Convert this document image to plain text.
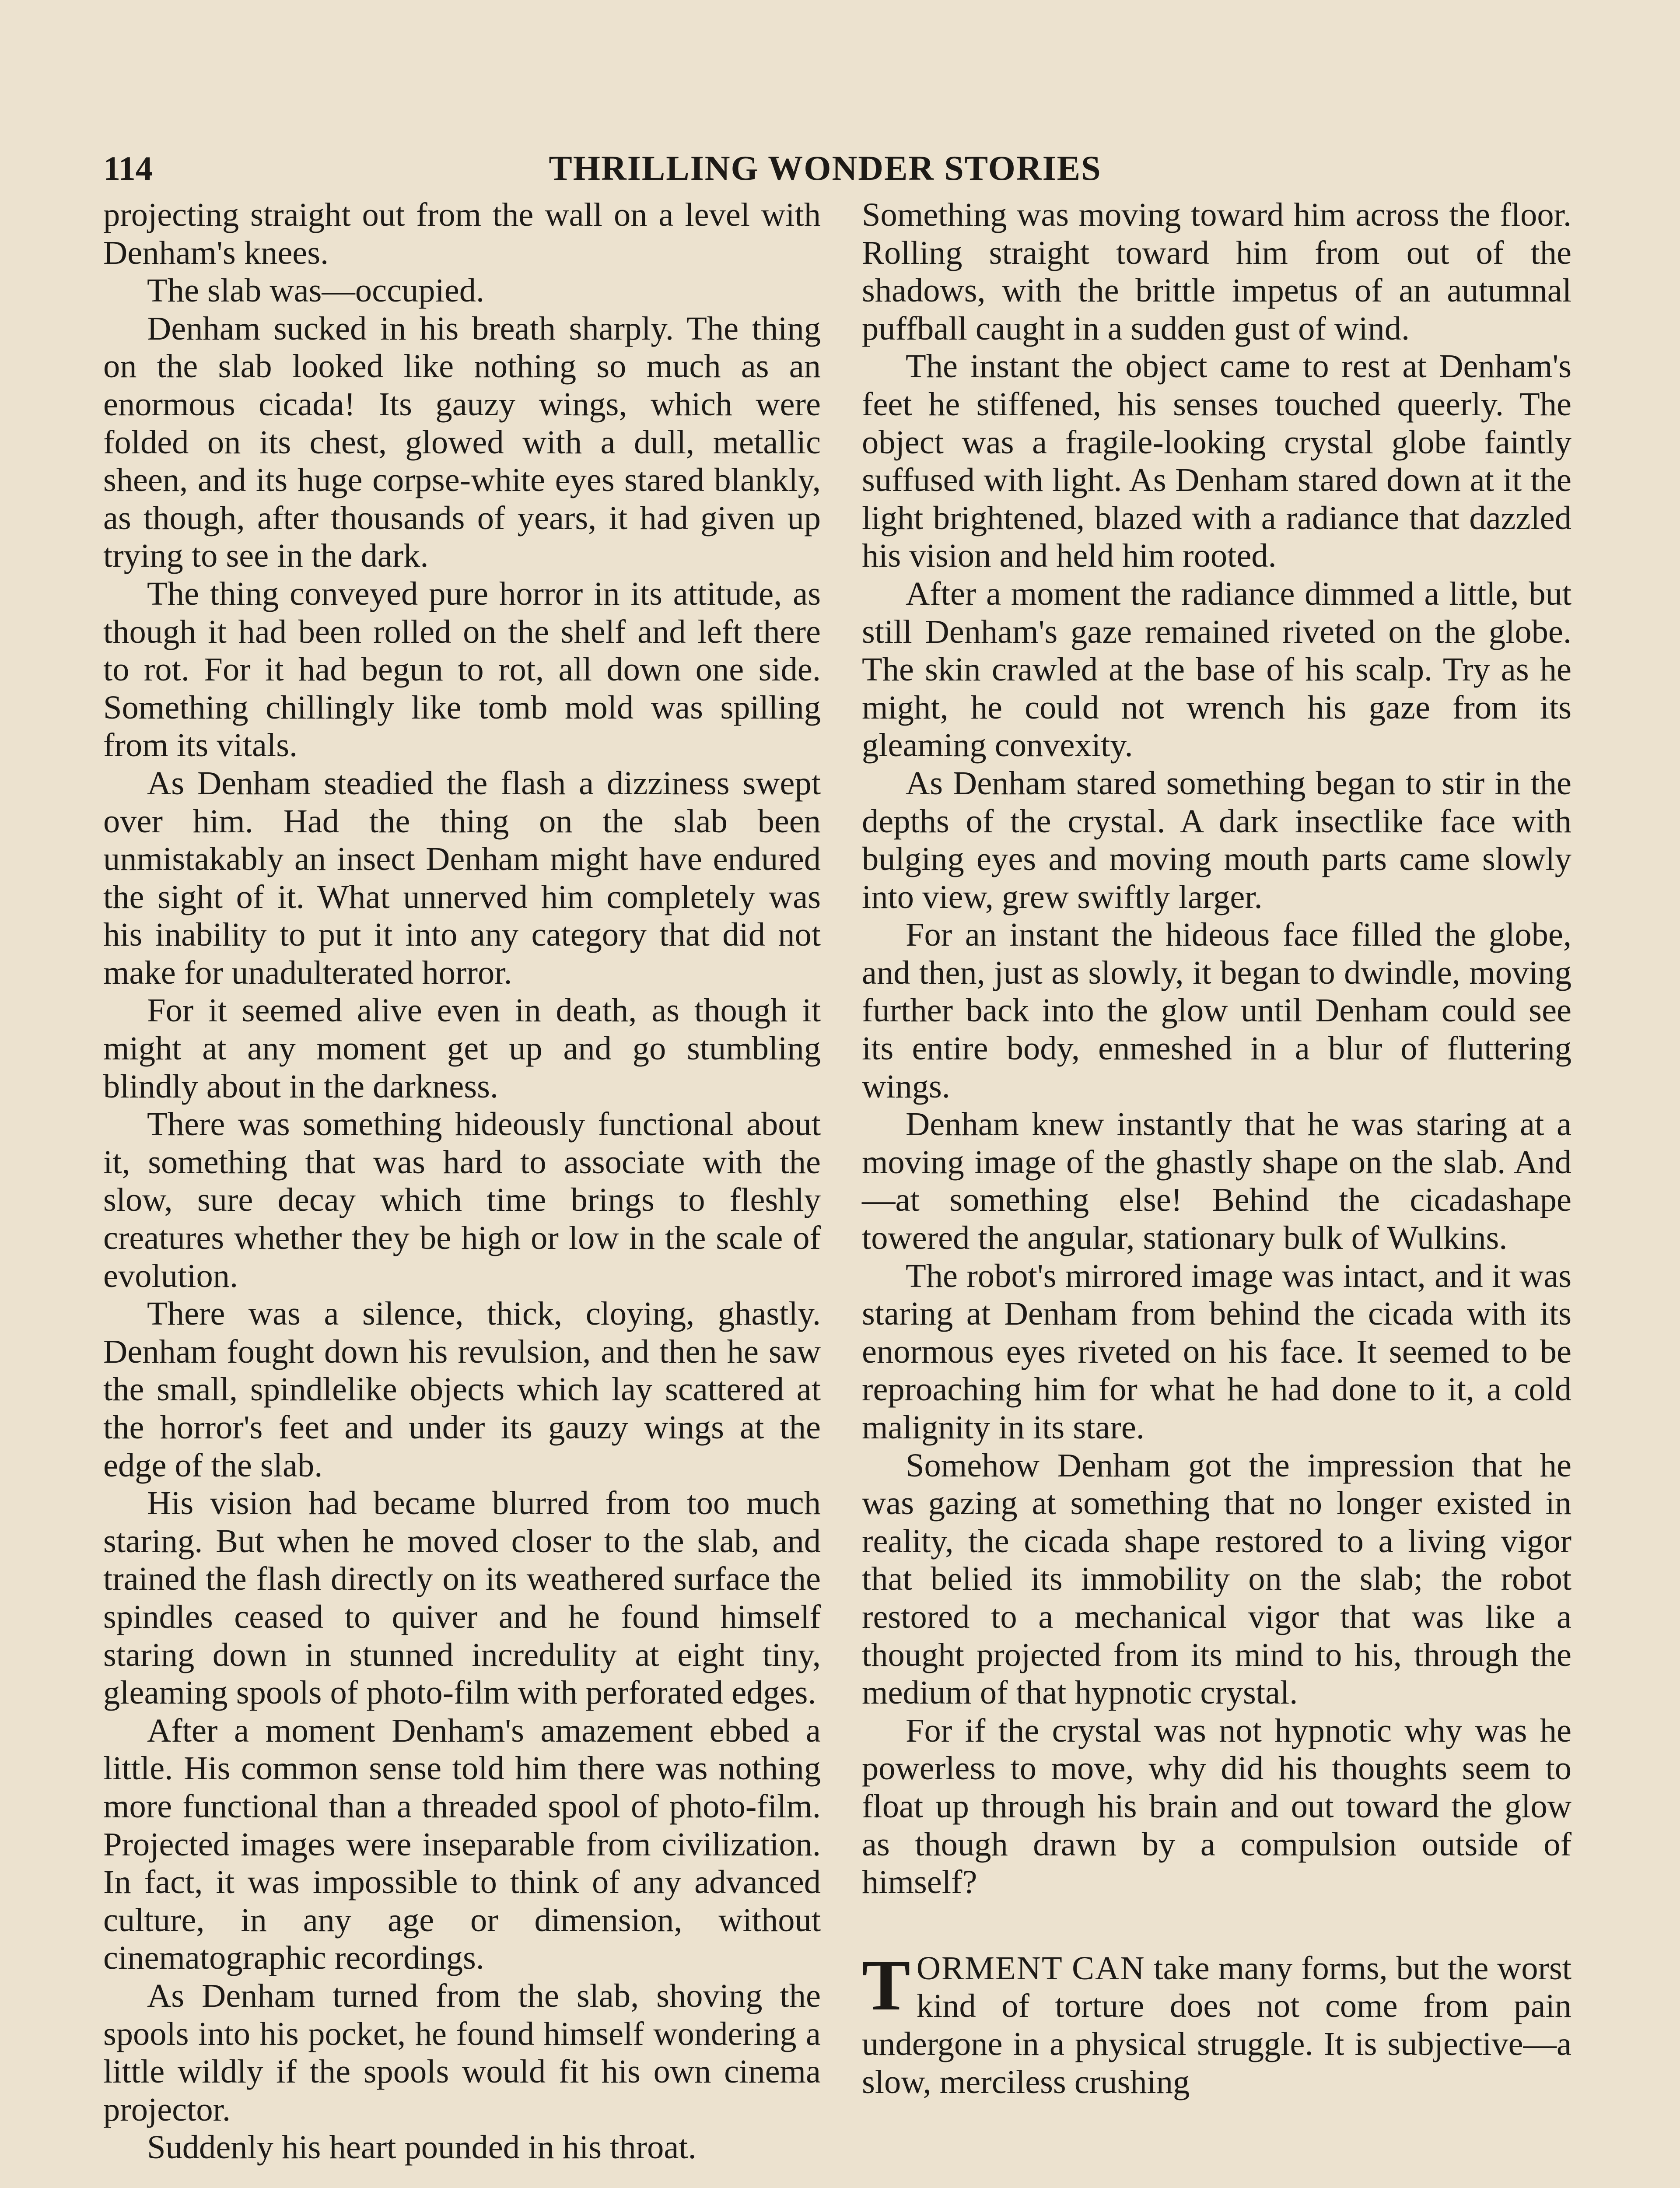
114	THRILLING WONDER STORIES

projecting straight out from the wall on a level with Denham's knees.

The slab was—occupied.

Denham sucked in his breath sharply. The thing on the slab looked like nothing so much as an enormous cicada! Its gauzy wings, which were folded on its chest, glowed with a dull, metallic sheen, and its huge corpse-white eyes stared blankly, as though, after thousands of years, it had given up trying to see in the dark.

The thing conveyed pure horror in its attitude, as though it had been rolled on the shelf and left there to rot. For it had begun to rot, all down one side. Something chillingly like tomb mold was spilling from its vitals.

As Denham steadied the flash a dizziness swept over him. Had the thing on the slab been unmistakably an insect Denham might have endured the sight of it. What unnerved him completely was his inability to put it into any category that did not make for unadulterated horror.

For it seemed alive even in death, as though it might at any moment get up and go stumbling blindly about in the darkness.

There was something hideously functional about it, something that was hard to associate with the slow, sure decay which time brings to fleshly creatures whether they be high or low in the scale of evolution.

There was a silence, thick, cloying, ghastly. Denham fought down his revulsion, and then he saw the small, spindlelike objects which lay scattered at the horror's feet and under its gauzy wings at the edge of the slab.

His vision had became blurred from too much staring. But when he moved closer to the slab, and trained the flash directly on its weathered surface the spindles ceased to quiver and he found himself staring down in stunned incredulity at eight tiny, gleaming spools of photo-film with perforated edges.

After a moment Denham's amazement ebbed a little. His common sense told him there was nothing more functional than a threaded spool of photo-film. Projected images were inseparable from civilization. In fact, it was impossible to think of any advanced culture, in any age or dimension, without cinematographic recordings.

As Denham turned from the slab, shoving the spools into his pocket, he found himself wondering a little wildly if the spools would fit his own cinema projector.

Suddenly his heart pounded in his throat.

Something was moving toward him across the floor. Rolling straight toward him from out of the shadows, with the brittle impetus of an autumnal puffball caught in a sudden gust of wind.

The instant the object came to rest at Denham's feet he stiffened, his senses touched queerly. The object was a fragile-looking crystal globe faintly suffused with light. As Denham stared down at it the light brightened, blazed with a radiance that dazzled his vision and held him rooted.

After a moment the radiance dimmed a little, but still Denham's gaze remained riveted on the globe. The skin crawled at the base of his scalp. Try as he might, he could not wrench his gaze from its gleaming convexity.

As Denham stared something began to stir in the depths of the crystal. A dark insectlike face with bulging eyes and moving mouth parts came slowly into view, grew swiftly larger.

For an instant the hideous face filled the globe, and then, just as slowly, it began to dwindle, moving further back into the glow until Denham could see its entire body, enmeshed in a blur of fluttering wings.

Denham knew instantly that he was staring at a moving image of the ghastly shape on the slab. And—at something else! Behind the cicadashape towered the angular, stationary bulk of Wulkins.

The robot's mirrored image was intact, and it was staring at Denham from behind the cicada with its enormous eyes riveted on his face. It seemed to be reproaching him for what he had done to it, a cold malignity in its stare.

Somehow Denham got the impression that he was gazing at something that no longer existed in reality, the cicada shape restored to a living vigor that belied its immobility on the slab; the robot restored to a mechanical vigor that was like a thought projected from its mind to his, through the medium of that hypnotic crystal.

For if the crystal was not hypnotic why was he powerless to move, why did his thoughts seem to float up through his brain and out toward the glow as though drawn by a compulsion outside of himself?

TORMENT CAN take many forms, but the worst kind of torture does not come from pain undergone in a physical struggle. It is subjective—a slow, merciless crushing
